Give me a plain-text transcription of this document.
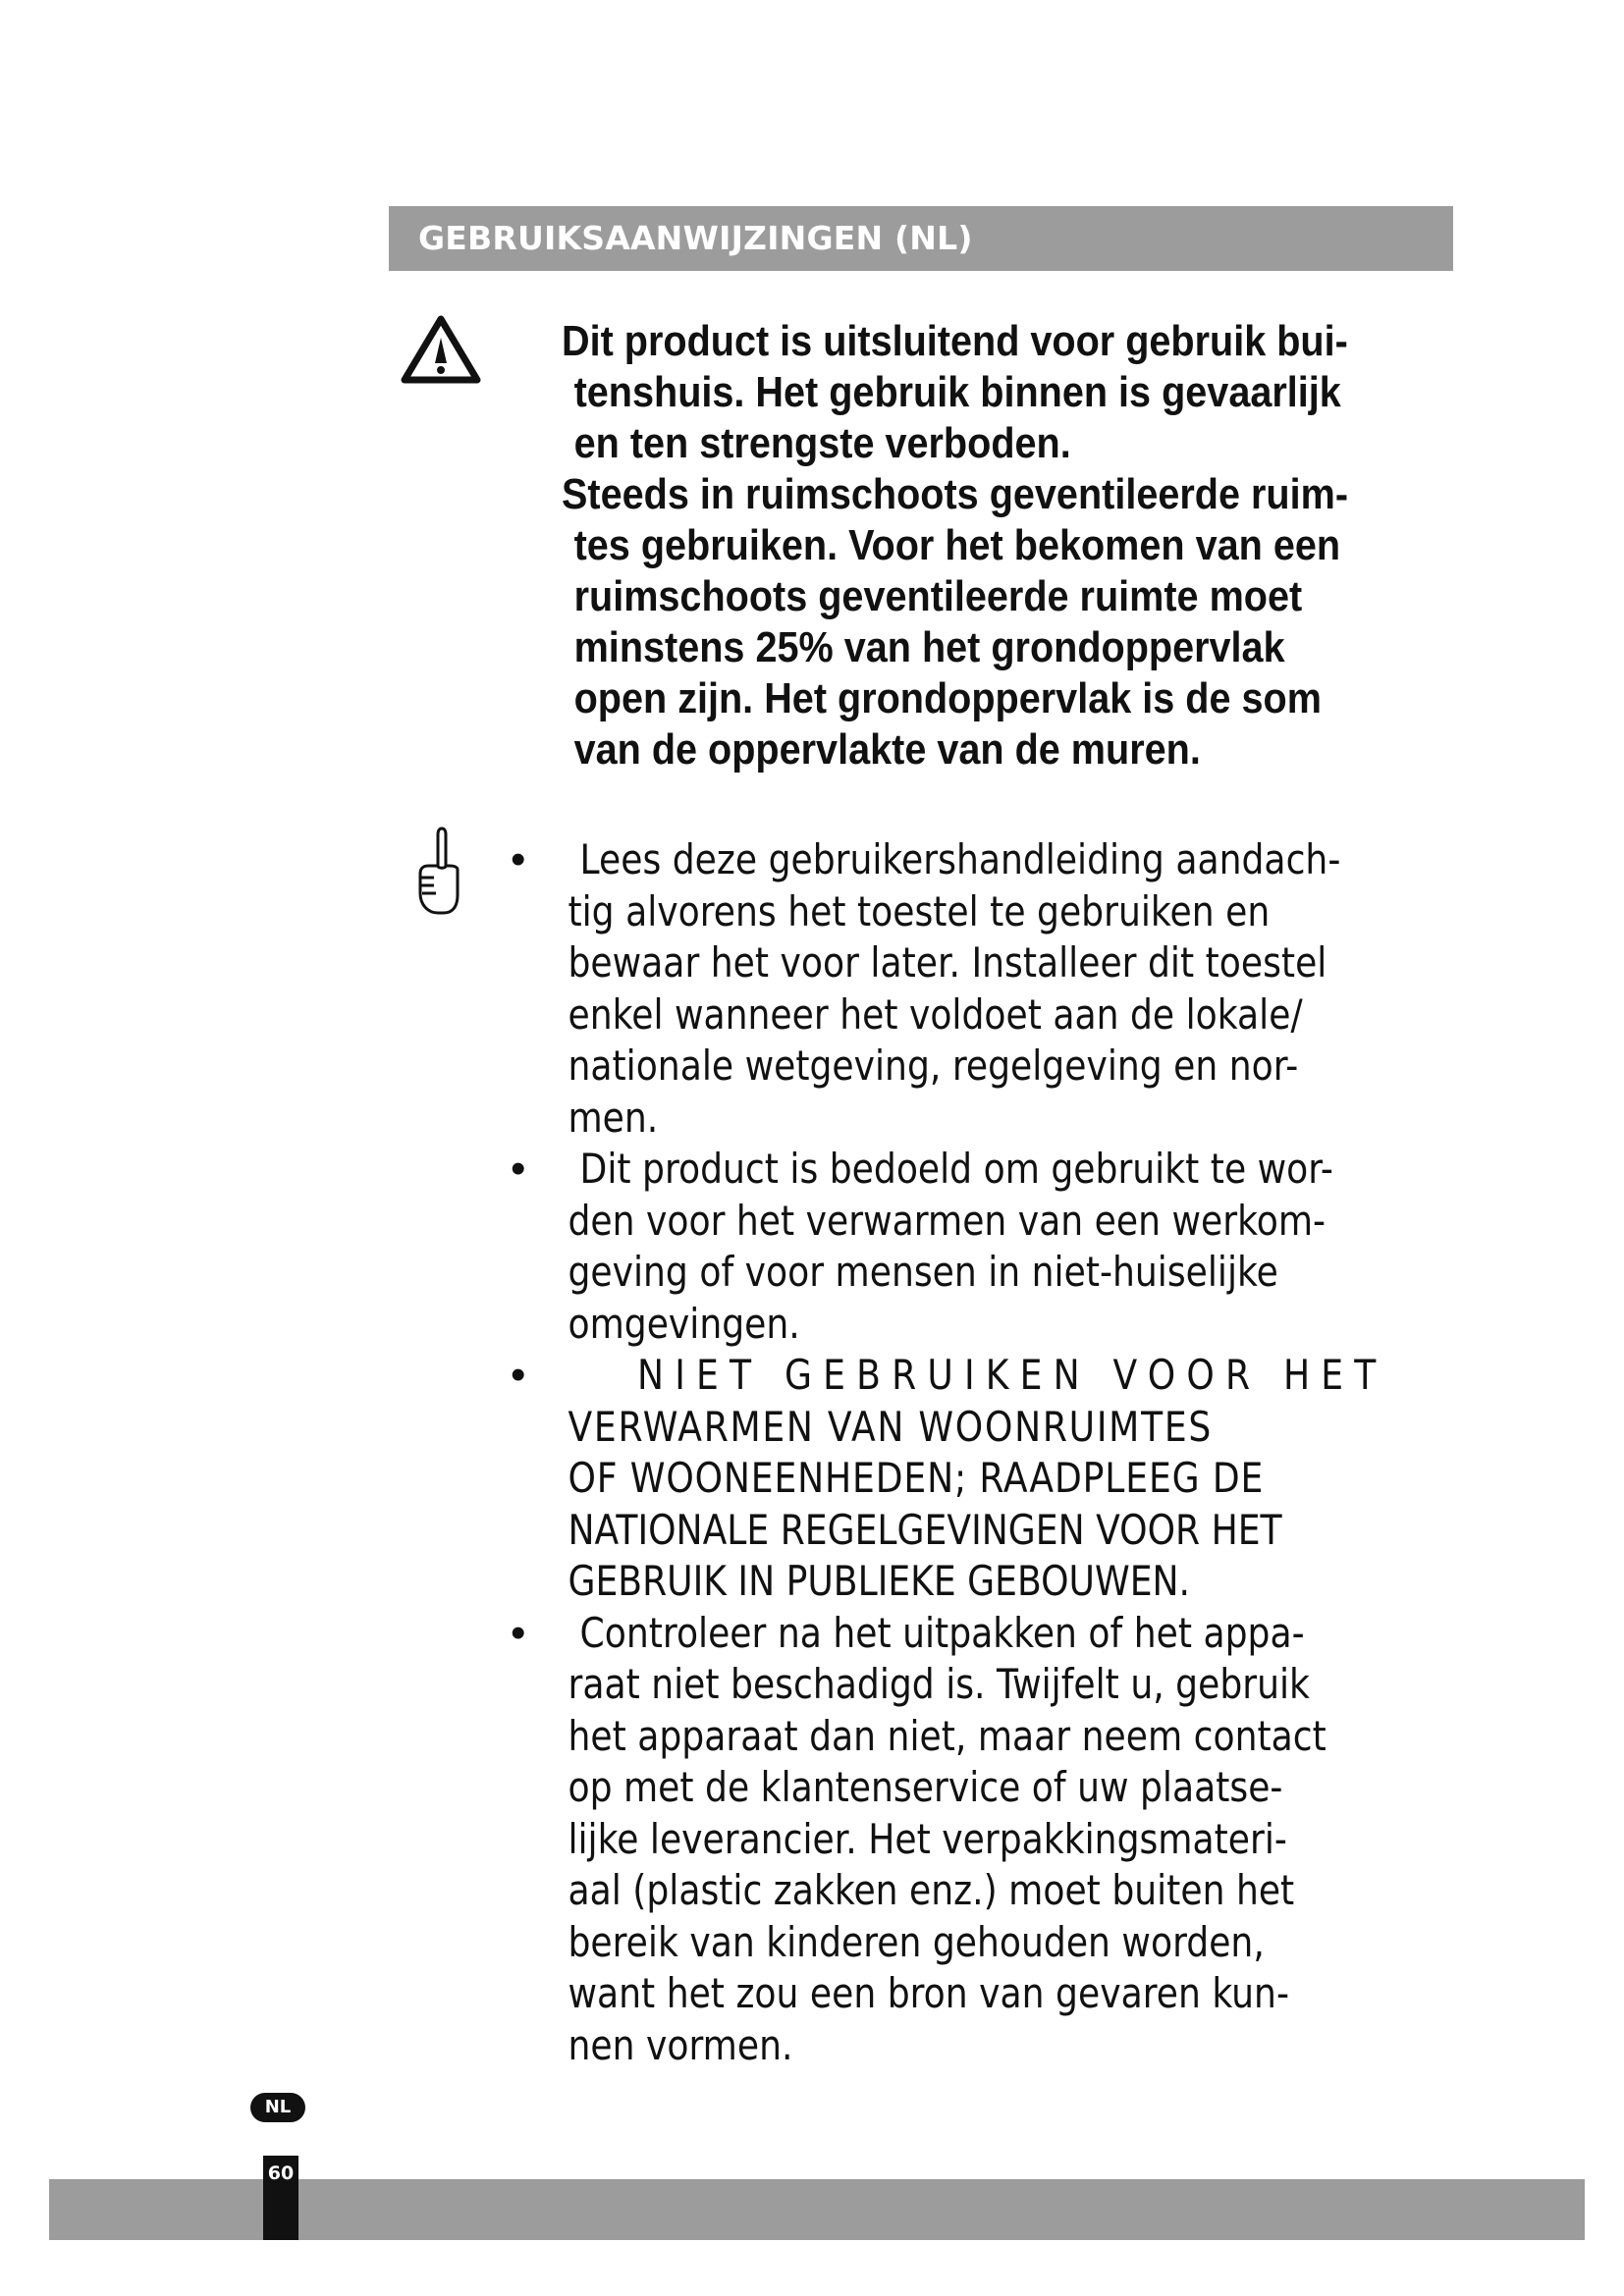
GEBRUIKSAANWIJZINGEN (NL)
Dit product is uitsluitend voor gebruik bui-
tenshuis. Het gebruik binnen is gevaarlijk
en ten strengste verboden.
Steeds in ruimschoots geventileerde ruim-
tes gebruiken. Voor het bekomen van een
ruimschoots geventileerde ruimte moet
minstens 25% van het grondoppervlak
open zijn. Het grondoppervlak is de som
van de oppervlakte van de muren.
•	Lees deze gebruikershandleiding aandach-
tig alvorens het toestel te gebruiken en
bewaar het voor later. Installeer dit toestel
enkel wanneer het voldoet aan de lokale/
nationale wetgeving, regelgeving en nor-
men.
•	Dit product is bedoeld om gebruikt te wor-
den voor het verwarmen van een werkom-
geving of voor mensen in niet-huiselijke
omgevingen.
•	NIET GEBRUIKEN VOOR HET
VERWARMEN VAN WOONRUIMTES
OF WOONEENHEDEN; RAADPLEEG DE
NATIONALE REGELGEVINGEN VOOR HET
GEBRUIK IN PUBLIEKE GEBOUWEN.
•	Controleer na het uitpakken of het appa-
raat niet beschadigd is. Twijfelt u, gebruik
het apparaat dan niet, maar neem contact
op met de klantenservice of uw plaatse-
lijke leverancier. Het verpakkingsmateri-
aal (plastic zakken enz.) moet buiten het
bereik van kinderen gehouden worden,
want het zou een bron van gevaren kun-
nen vormen.
NL
60
